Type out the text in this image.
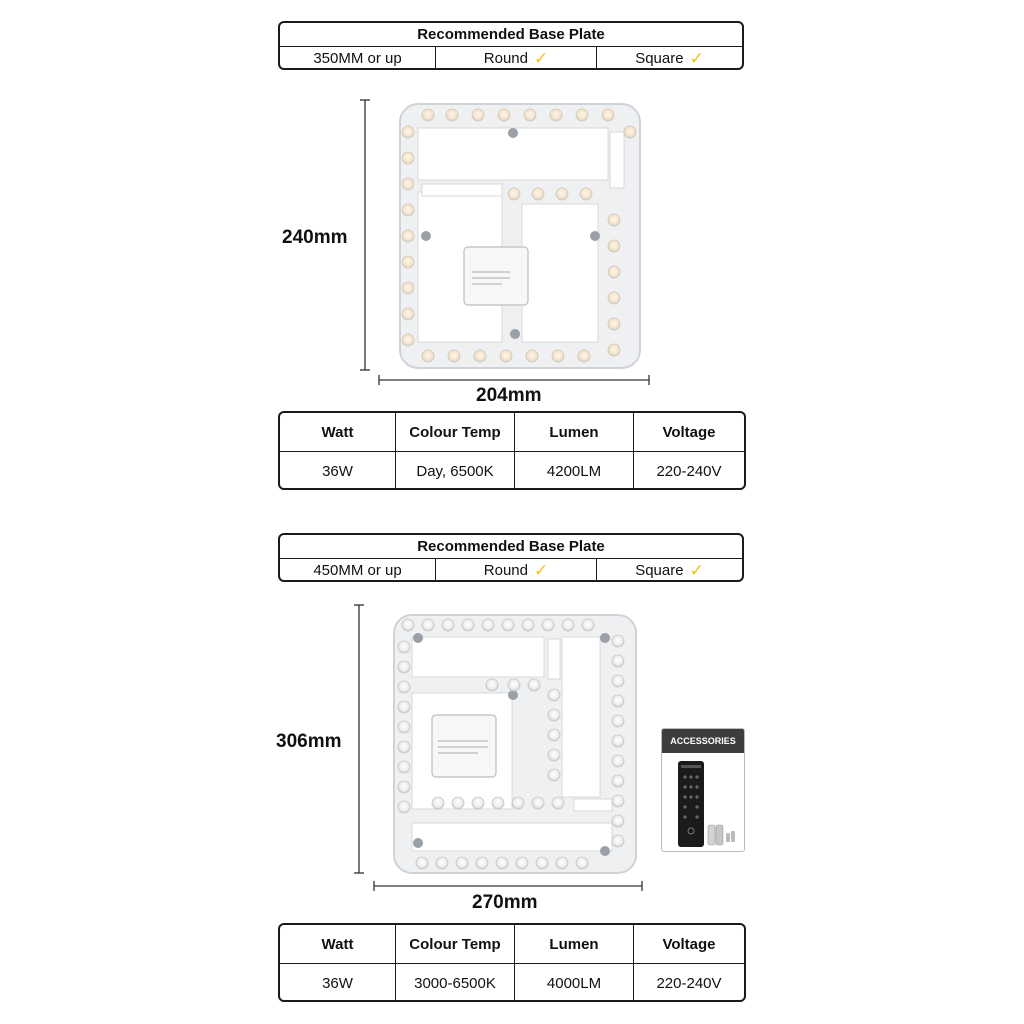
Recommended Base Plate
350MM or up	Round ✓	Square ✓
240mm
204mm
Watt	Colour Temp	Lumen	Voltage
36W	Day, 6500K	4200LM	220-240V
Recommended Base Plate
450MM or up	Round ✓	Square ✓
306mm
270mm
Watt	Colour Temp	Lumen	Voltage
36W	3000-6500K	4000LM	220-240V
ACCESSORIES
